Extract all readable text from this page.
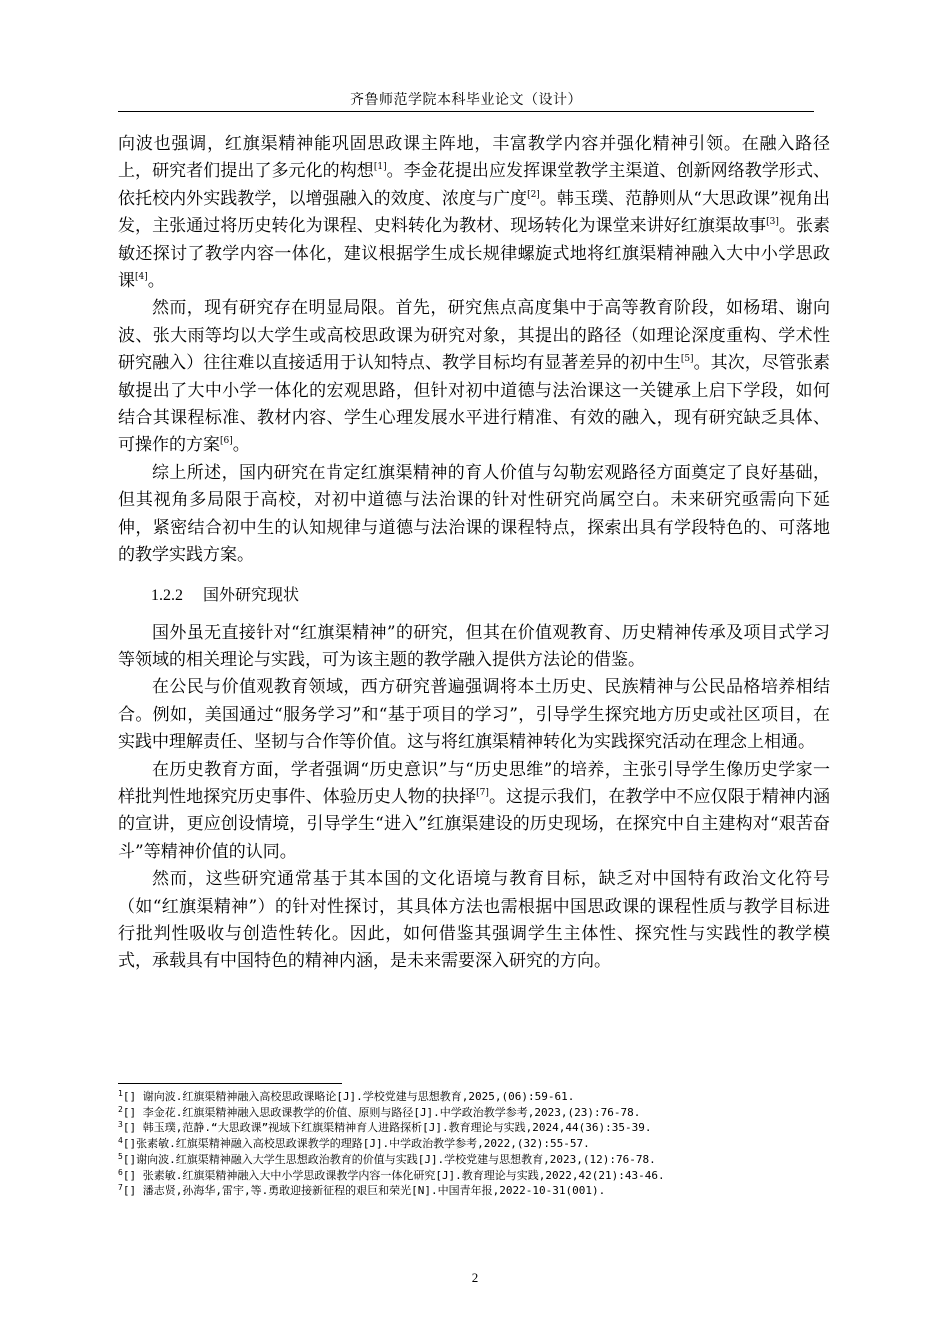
齐鲁师范学院本科毕业论文（设计）

向波也强调，红旗渠精神能巩固思政课主阵地，丰富教学内容并强化精神引领。在融入路径上，研究者们提出了多元化的构想[1]。李金花提出应发挥课堂教学主渠道、创新网络教学形式、依托校内外实践教学，以增强融入的效度、浓度与广度[2]。韩玉璞、范静则从“大思政课”视角出发，主张通过将历史转化为课程、史料转化为教材、现场转化为课堂来讲好红旗渠故事[3]。张素敏还探讨了教学内容一体化，建议根据学生成长规律螺旋式地将红旗渠精神融入大中小学思政课[4]。

然而，现有研究存在明显局限。首先，研究焦点高度集中于高等教育阶段，如杨珺、谢向波、张大雨等均以大学生或高校思政课为研究对象，其提出的路径（如理论深度重构、学术性研究融入）往往难以直接适用于认知特点、教学目标均有显著差异的初中生[5]。其次，尽管张素敏提出了大中小学一体化的宏观思路，但针对初中道德与法治课这一关键承上启下学段，如何结合其课程标准、教材内容、学生心理发展水平进行精准、有效的融入，现有研究缺乏具体、可操作的方案[6]。

综上所述，国内研究在肯定红旗渠精神的育人价值与勾勒宏观路径方面奠定了良好基础，但其视角多局限于高校，对初中道德与法治课的针对性研究尚属空白。未来研究亟需向下延伸，紧密结合初中生的认知规律与道德与法治课的课程特点，探索出具有学段特色的、可落地的教学实践方案。

1.2.2 国外研究现状

国外虽无直接针对“红旗渠精神”的研究，但其在价值观教育、历史精神传承及项目式学习等领域的相关理论与实践，可为该主题的教学融入提供方法论的借鉴。

在公民与价值观教育领域，西方研究普遍强调将本土历史、民族精神与公民品格培养相结合。例如，美国通过“服务学习”和“基于项目的学习”，引导学生探究地方历史或社区项目，在实践中理解责任、坚韧与合作等价值。这与将红旗渠精神转化为实践探究活动在理念上相通。

在历史教育方面，学者强调“历史意识”与“历史思维”的培养，主张引导学生像历史学家一样批判性地探究历史事件、体验历史人物的抉择[7]。这提示我们，在教学中不应仅限于精神内涵的宣讲，更应创设情境，引导学生“进入”红旗渠建设的历史现场，在探究中自主建构对“艰苦奋斗”等精神价值的认同。

然而，这些研究通常基于其本国的文化语境与教育目标，缺乏对中国特有政治文化符号（如“红旗渠精神”）的针对性探讨，其具体方法也需根据中国思政课的课程性质与教学目标进行批判性吸收与创造性转化。因此，如何借鉴其强调学生主体性、探究性与实践性的教学模式，承载具有中国特色的精神内涵，是未来需要深入研究的方向。

$^1$[] 谢向波.红旗渠精神融入高校思政课略论[J].学校党建与思想教育,2025,(06):59-61.
$^2$[] 李金花.红旗渠精神融入思政课教学的价值、原则与路径[J].中学政治教学参考,2023,(23):76-78.
$^3$[] 韩玉璞,范静.“大思政课”视域下红旗渠精神育人进路探析[J].教育理论与实践,2024,44(36):35-39.
$^4$[]张素敏.红旗渠精神融入高校思政课教学的理路[J].中学政治教学参考,2022,(32):55-57.
$^5$[]谢向波.红旗渠精神融入大学生思想政治教育的价值与实践[J].学校党建与思想教育,2023,(12):76-78.
$^6$[] 张素敏.红旗渠精神融入大中小学思政课教学内容一体化研究[J].教育理论与实践,2022,42(21):43-46.
$^7$[] 潘志贤,孙海华,雷宇,等.勇敢迎接新征程的艰巨和荣光[N].中国青年报,2022-10-31(001).
2
